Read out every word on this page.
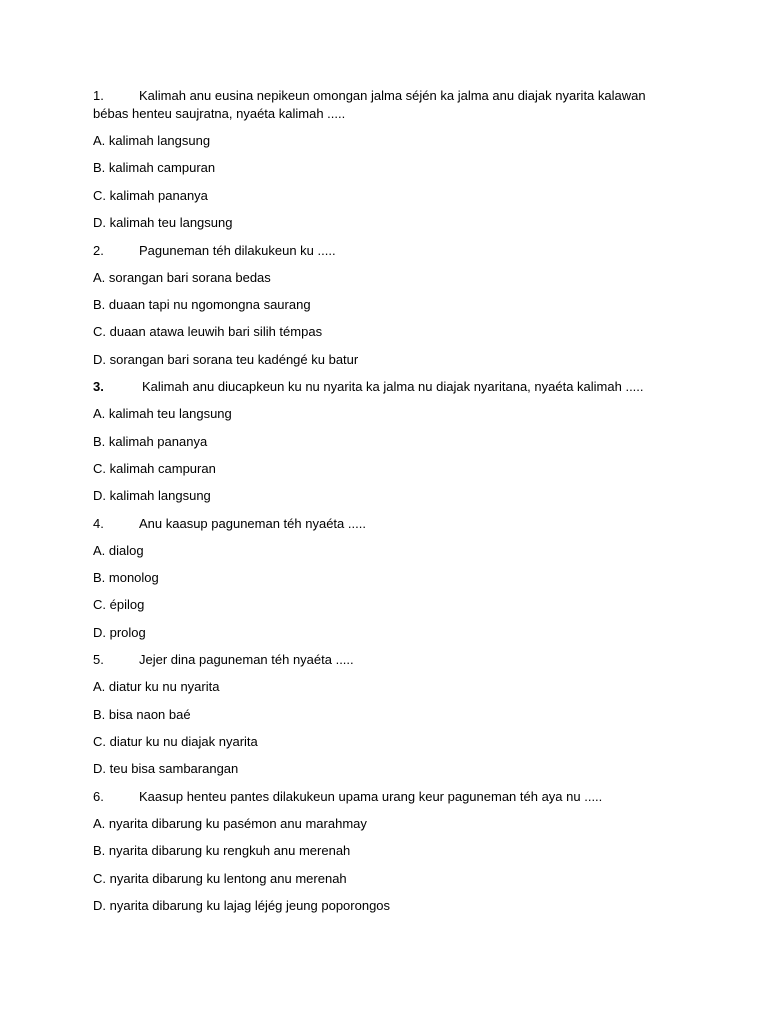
1.	Kalimah anu eusina nepikeun omongan jalma séjén ka jalma anu diajak nyarita kalawan bébas henteu saujratna, nyaéta kalimah .....
A. kalimah langsung
B. kalimah campuran
C. kalimah pananya
D. kalimah teu langsung
2.	Paguneman téh dilakukeun ku .....
A. sorangan bari sorana bedas
B. duaan tapi nu ngomongna saurang
C. duaan atawa leuwih bari silih témpas
D. sorangan bari sorana teu kadéngé ku batur
3.	Kalimah anu diucapkeun ku nu nyarita ka jalma nu diajak nyaritana, nyaéta kalimah .....
A. kalimah teu langsung
B. kalimah pananya
C. kalimah campuran
D. kalimah langsung
4.	Anu kaasup paguneman téh nyaéta .....
A. dialog
B. monolog
C. épilog
D. prolog
5.	Jejer dina paguneman téh nyaéta .....
A. diatur ku nu nyarita
B. bisa naon baé
C. diatur ku nu diajak nyarita
D. teu bisa sambarangan
6.	Kaasup henteu pantes dilakukeun upama urang keur paguneman téh aya nu .....
A. nyarita dibarung ku pasémon anu marahmay
B. nyarita dibarung ku rengkuh anu merenah
C. nyarita dibarung ku lentong anu merenah
D. nyarita dibarung ku lajag léjég jeung poporongos
